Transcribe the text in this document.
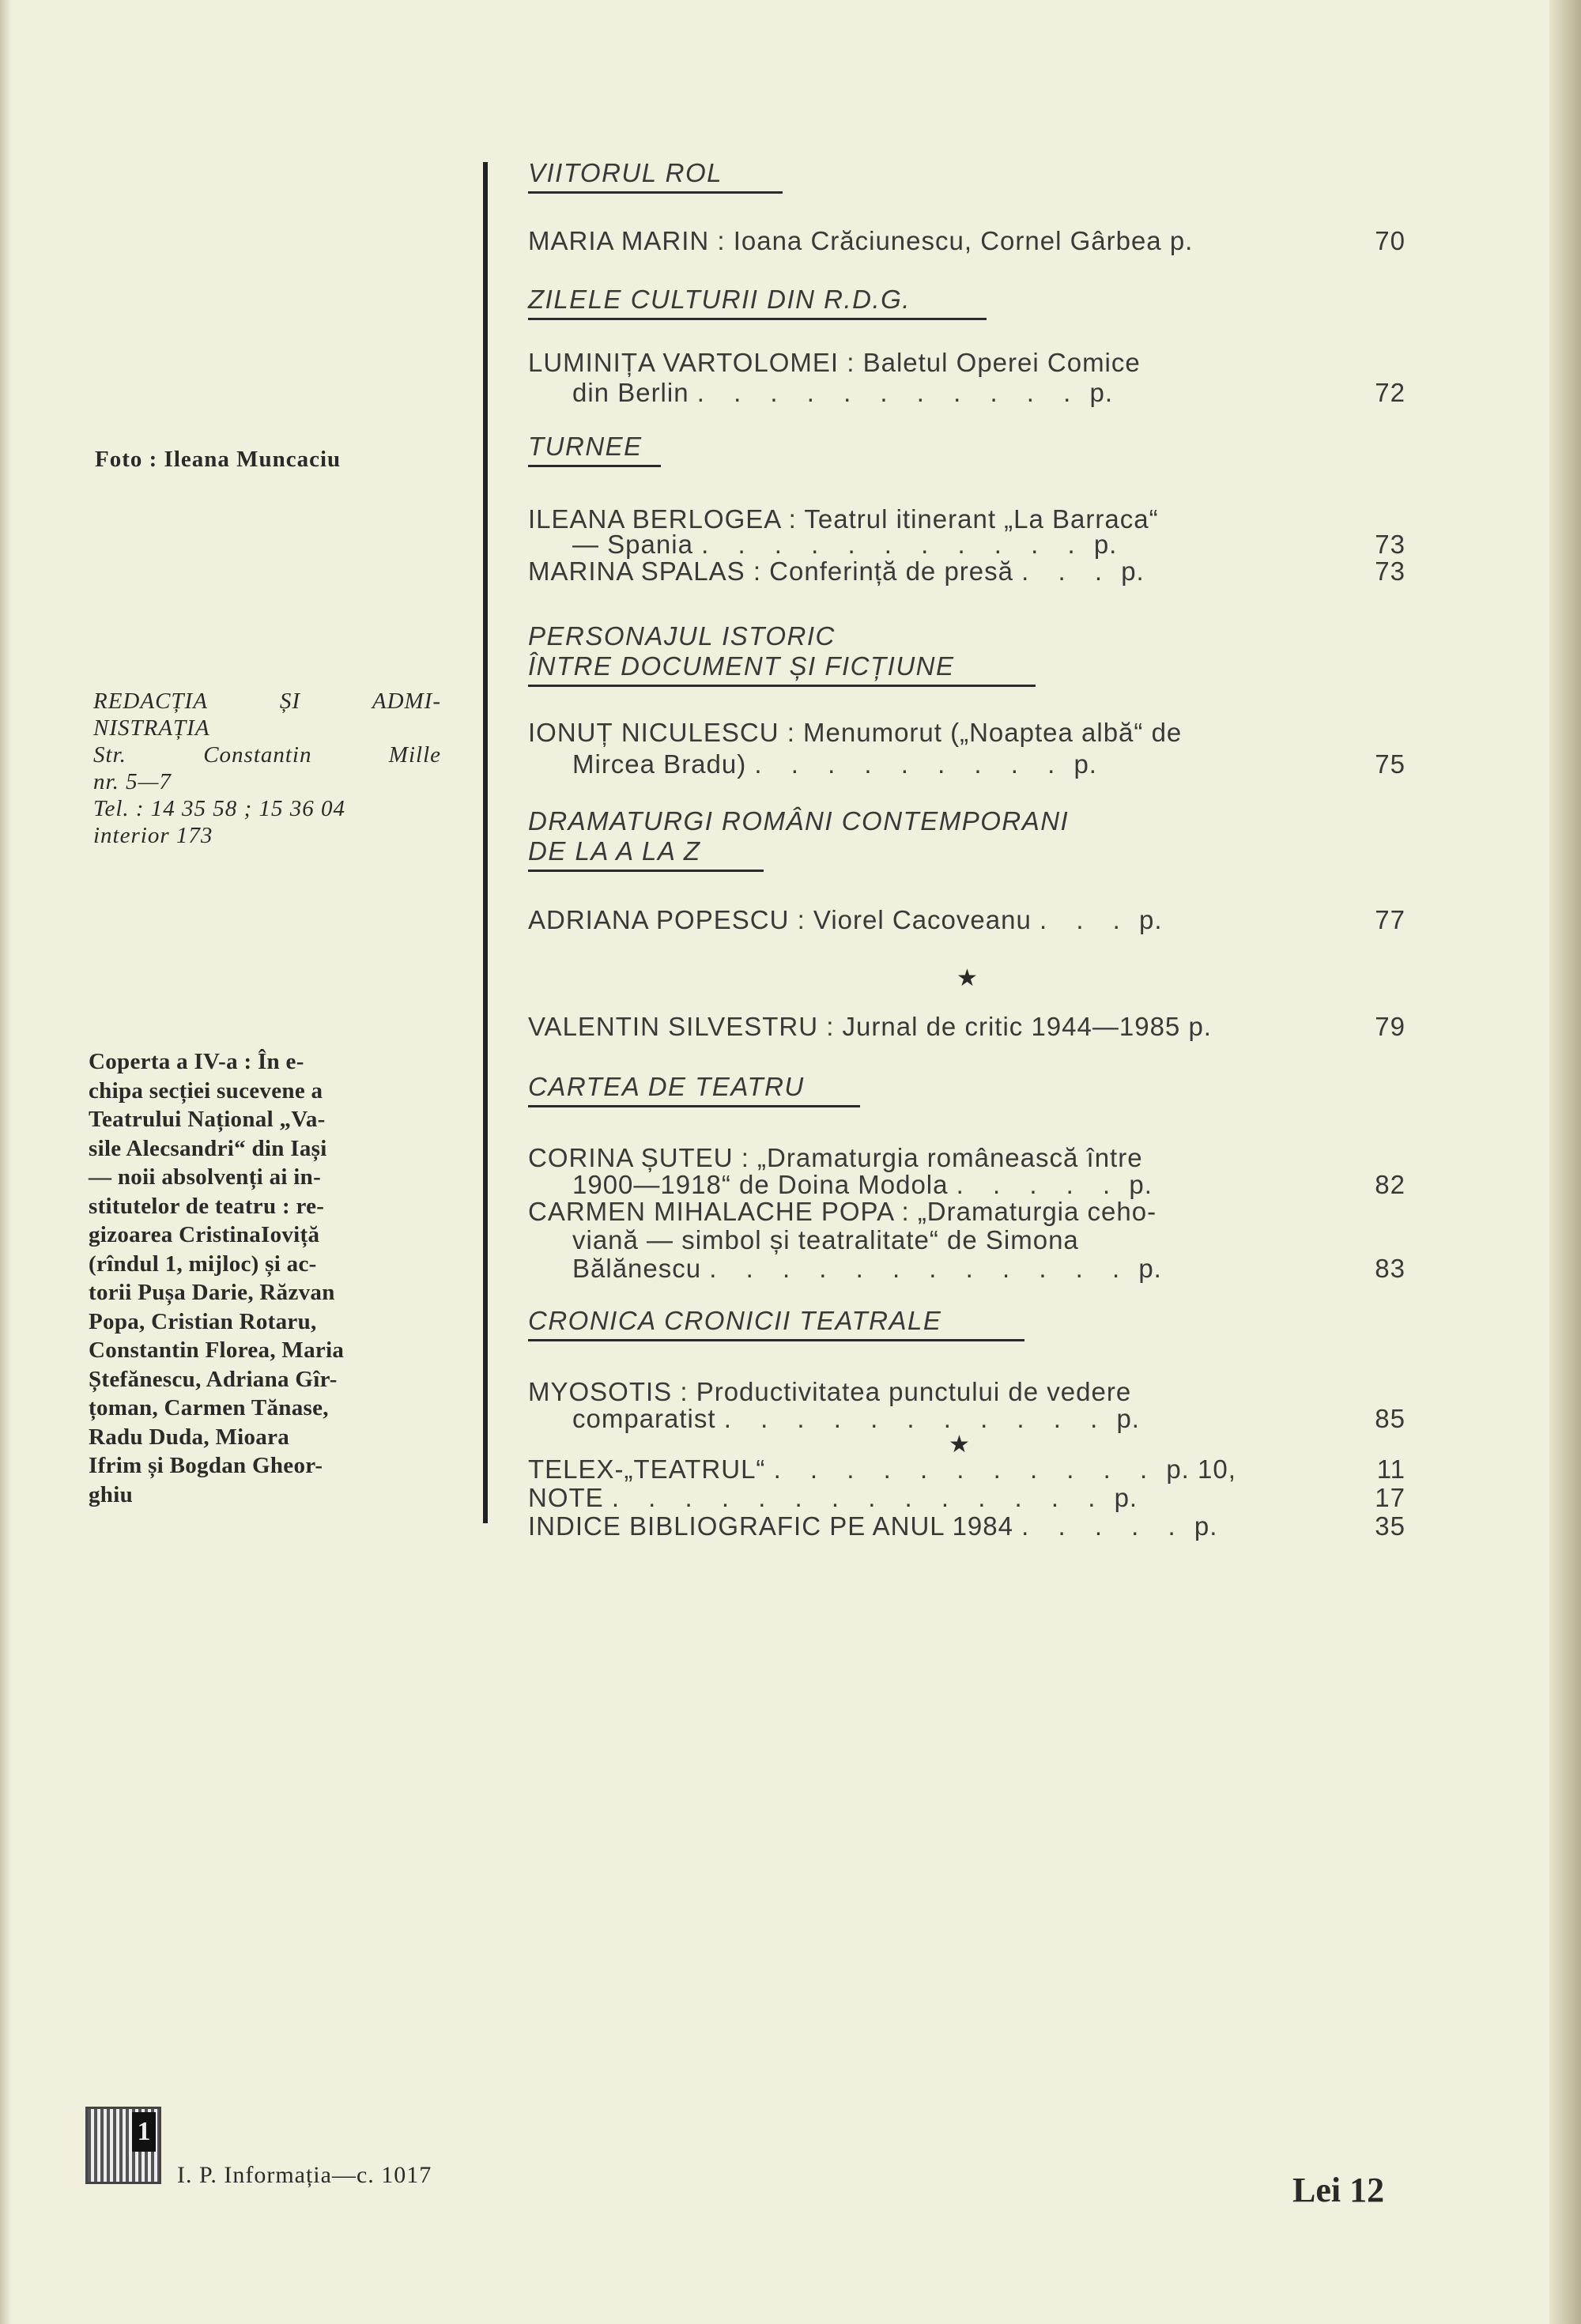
Foto : Ileana Muncaciu
REDACȚIA	ȘI	ADMI-
NISTRAȚIA
Str.	Constantin	Mille
nr. 5—7
Tel. : 14 35 58 ; 15 36 04
interior 173
Coperta a IV-a : În e-
chipa secției sucevene a
Teatrului Național „Va-
sile Alecsandri“ din Iași
— noii absolvenți ai in-
stitutelor de teatru : re-
gizoarea CristinaIoviță
(rîndul 1, mijloc) și ac-
torii Pușa Darie, Răzvan
Popa, Cristian Rotaru,
Constantin Florea, Maria
Ștefănescu, Adriana Gîr-
țoman, Carmen Tănase,
Radu Duda, Mioara
Ifrim și Bogdan Gheor-
ghiu
VIITORUL ROL
MARIA MARIN : Ioana Crăciunescu, Cornel Gârbea p.	70
ZILELE CULTURII DIN R.D.G.
LUMINIȚA VARTOLOMEI : Baletul Operei Comice
din Berlin . . . . . . . . . . . p.	72
TURNEE
ILEANA BERLOGEA : Teatrul itinerant „La Barraca“
— Spania . . . . . . . . . . . p.	73
MARINA SPALAS : Conferință de presă . . . p.	73
PERSONAJUL ISTORIC
ÎNTRE DOCUMENT ȘI FICȚIUNE
IONUȚ NICULESCU : Menumorut („Noaptea albă“ de
Mircea Bradu) . . . . . . . . . p.	75
DRAMATURGI ROMÂNI CONTEMPORANI
DE LA A LA Z
ADRIANA POPESCU : Viorel Cacoveanu . . . p.	77
★
VALENTIN SILVESTRU : Jurnal de critic 1944—1985 p.	79
CARTEA DE TEATRU
CORINA ȘUTEU : „Dramaturgia românească între
1900—1918“ de Doina Modola . . . . . p.	82
CARMEN MIHALACHE POPA : „Dramaturgia ceho-
viană — simbol și teatralitate“ de Simona
Bălănescu . . . . . . . . . . . . p.	83
CRONICA CRONICII TEATRALE
MYOSOTIS : Productivitatea punctului de vedere
comparatist . . . . . . . . . . . p.	85
★
TELEX-„TEATRUL“ . . . . . . . . . . . p. 10,	11
NOTE . . . . . . . . . . . . . . p.	17
INDICE BIBLIOGRAFIC PE ANUL 1984 . . . . . p.	35
1
I. P. Informația—c. 1017	Lei 12
